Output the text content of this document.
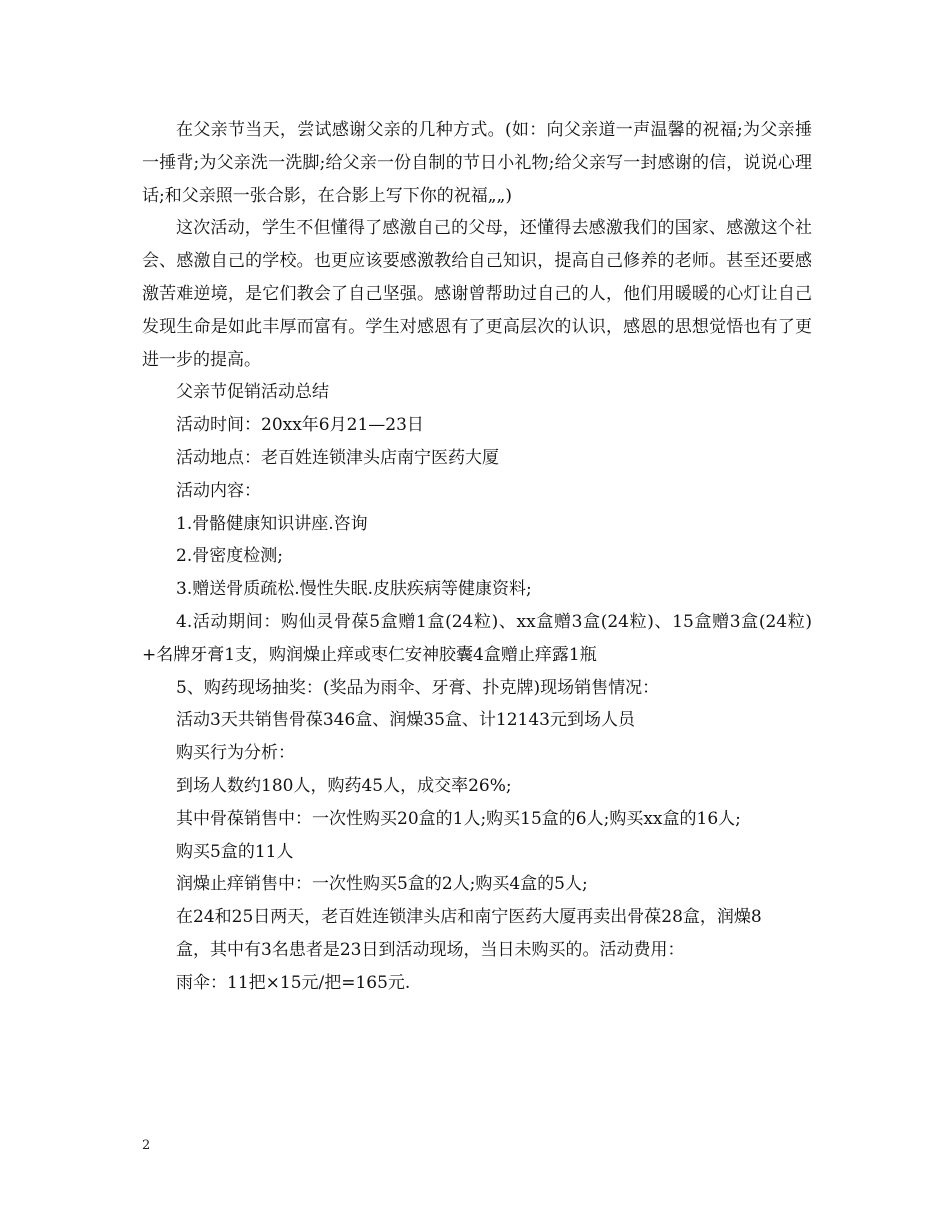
在父亲节当天，尝试感谢父亲的几种方式。(如：向父亲道一声温馨的祝福;为父亲捶一捶背;为父亲洗一洗脚;给父亲一份自制的节日小礼物;给父亲写一封感谢的信，说说心理话;和父亲照一张合影，在合影上写下你的祝福„„)

这次活动，学生不但懂得了感激自己的父母，还懂得去感激我们的国家、感激这个社会、感激自己的学校。也更应该要感激教给自己知识，提高自己修养的老师。甚至还要感激苦难逆境，是它们教会了自己坚强。感谢曾帮助过自己的人，他们用暖暖的心灯让自己发现生命是如此丰厚而富有。学生对感恩有了更高层次的认识，感恩的思想觉悟也有了更进一步的提高。

父亲节促销活动总结

活动时间：20xx年6月21—23日

活动地点：老百姓连锁津头店南宁医药大厦

活动内容：

1.骨骼健康知识讲座.咨询

2.骨密度检测;

3.赠送骨质疏松.慢性失眠.皮肤疾病等健康资料;

4.活动期间：购仙灵骨葆5盒赠1盒(24粒)、xx盒赠3盒(24粒)、15盒赠3盒(24粒)+名牌牙膏1支，购润燥止痒或枣仁安神胶囊4盒赠止痒露1瓶

5、购药现场抽奖：(奖品为雨伞、牙膏、扑克牌)现场销售情况：

活动3天共销售骨葆346盒、润燥35盒、计12143元到场人员

购买行为分析：

到场人数约180人，购药45人，成交率26%;

其中骨葆销售中：一次性购买20盒的1人;购买15盒的6人;购买xx盒的16人;

购买5盒的11人

润燥止痒销售中：一次性购买5盒的2人;购买4盒的5人;

在24和25日两天，老百姓连锁津头店和南宁医药大厦再卖出骨葆28盒，润燥8

盒，其中有3名患者是23日到活动现场，当日未购买的。活动费用：

雨伞：11把×15元/把=165元.

2
